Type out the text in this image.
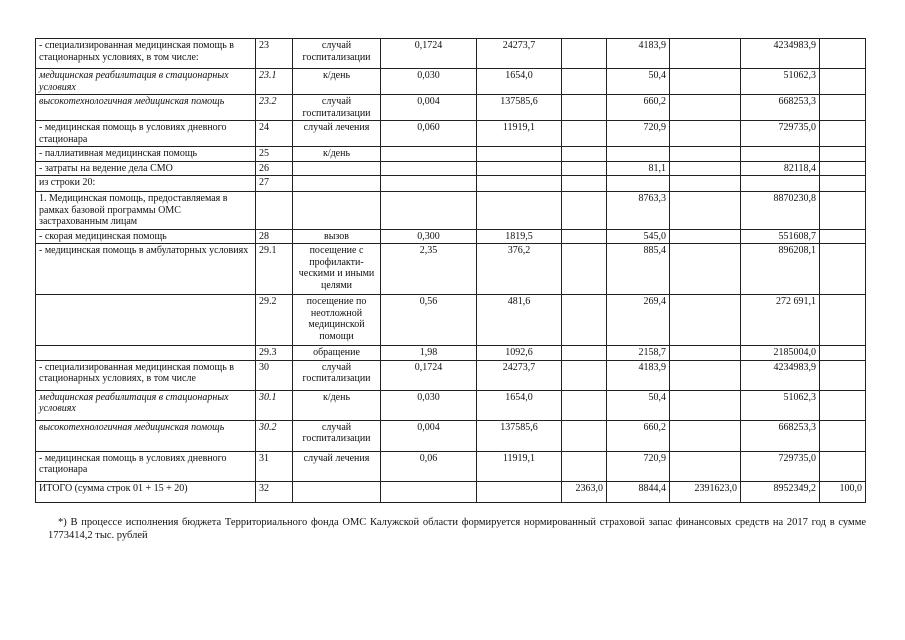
- специализированная медицинская помощь в стационарных условиях, в том числе:	23	случай госпитализации	0,1724	24273,7		4183,9		4234983,9	
медицинская реабилитация в стационарных условиях	23.1	к/день	0,030	1654,0		50,4		51062,3	
высокотехнологичная медицинская помощь	23.2	случай госпитализации	0,004	137585,6		660,2		668253,3	
- медицинская помощь в условиях дневного стационара	24	случай лечения	0,060	11919,1		720,9		729735,0	
- паллиативная медицинская помощь	25	к/день							
- затраты на ведение дела СМО	26					81,1		82118,4	
из строки 20:	27								
1. Медицинская помощь, предоставляемая в рамках базовой программы ОМС застрахованным лицам						8763,3		8870230,8	
- скорая медицинская помощь	28	вызов	0,300	1819,5		545,0		551608,7	
- медицинская помощь в амбулаторных условиях	29.1	посещение с профилакти-ческими и иными целями	2,35	376,2		885,4		896208,1	
	29.2	посещение по неотложной медицинской помощи	0,56	481,6		269,4		272 691,1	
	29.3	обращение	1,98	1092,6		2158,7		2185004,0	
- специализированная медицинская помощь в стационарных условиях, в том числе	30	случай госпитализации	0,1724	24273,7		4183,9		4234983,9	
медицинская реабилитация в стационарных условиях	30.1	к/день	0,030	1654,0		50,4		51062,3	
высокотехнологичная медицинская помощь	30.2	случай госпитализации	0,004	137585,6		660,2		668253,3	
- медицинская помощь в условиях дневного стационара	31	случай лечения	0,06	11919,1		720,9		729735,0	
ИТОГО (сумма строк 01 + 15 + 20)	32				2363,0	8844,4	2391623,0	8952349,2	100,0
*) В процессе исполнения бюджета Территориального фонда ОМС Калужской области формируется нормированный страховой запас финансовых средств на 2017 год в сумме 1773414,2 тыс. рублей
